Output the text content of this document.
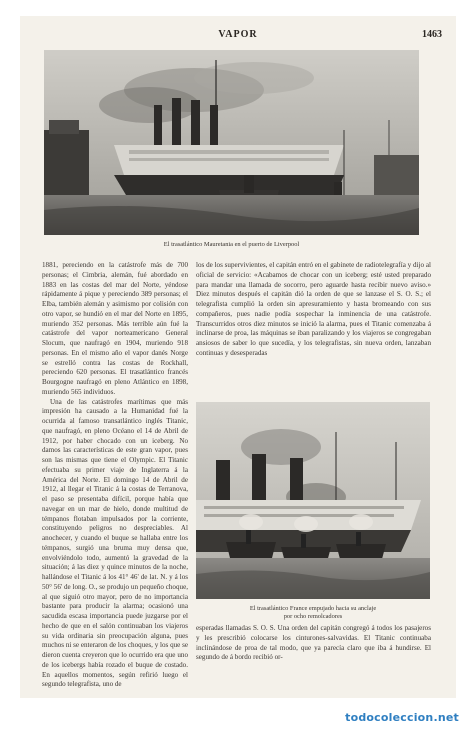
VAPOR	1463
El trasatlántico Mauretania en el puerto de Liverpool

1881, pereciendo en la catástrofe más de 700 personas; el Cimbria, alemán, fué abordado en 1883 en las costas del mar del Norte, yéndose rápidamente á pique y pereciendo 389 personas; el Elba, también alemán y asimismo por colisión con otro vapor, se hundió en el mar del Norte en 1895, muriendo 352 personas. Más terrible aún fué la catástrofe del vapor norteamericano General Slocum, que naufragó en 1904, muriendo 918 personas. En el mismo año el vapor danés Norge se estrelló contra las costas de Rockhall, pereciendo 620 personas. El trasatlántico francés Bourgogne naufragó en pleno Atlántico en 1898, muriendo 565 individuos.

Una de las catástrofes marítimas que más impresión ha causado a la Humanidad fué la ocurrida al famoso transatlántico inglés Titanic, que naufragó, en pleno Océano el 14 de Abril de 1912, por haber chocado con un iceberg. No damos las características de este gran vapor, pues son las mismas que tiene el Olympic. El Titanic efectuaba su primer viaje de Inglaterra á la América del Norte. El domingo 14 de Abril de 1912, al llegar el Titanic á la costas de Terranova, el paso se presentaba difícil, porque había que navegar en un mar de hielo, donde multitud de témpanos flotaban impulsados por la corriente, constituyendo peligros no despreciables. Al anochecer, y cuando el buque se hallaba entre los témpanos, surgió una bruma muy densa que, envolviéndolo todo, aumentó la gravedad de la situación; á las diez y quince minutos de la noche, hallándose el Titanic á los 41° 46' de lat. N. y á los 50° 56' de long. O., se produjo un pequeño choque, al que siguió otro mayor, pero de no importancia bastante para producir la alarma; ocasionó una sacudida escasa importancia puede juzgarse por el hecho de que en el salón continuaban los viajeros su vida ordinaria sin preocupación alguna, pues muchos ni se enteraron de los choques, y los que se dieron cuenta creyeron que lo ocurrido era que uno de los icebergs había rozado el buque de costado. En aquellos momentos, según refirió luego el segundo telegrafista, uno de

los de los supervivientes, el capitán entró en el gabinete de radiotelegrafía y dijo al oficial de servicio: «Acabamos de chocar con un iceberg; esté usted preparado para mandar una llamada de socorro, pero aguarde hasta recibir nuevo aviso.» Diez minutos después el capitán dió la orden de que se lanzase el S. O. S.; el telegrafista cumplió la orden sin apresuramiento y hasta bromeando con sus compañeros, pues nadie podía sospechar la inminencia de una catástrofe. Transcurridos otros diez minutos se inició la alarma, pues el Titanic comenzaba á inclinarse de proa, las máquinas se iban paralizando y los viajeros se congregaban ansiosos de saber lo que sucedía, y los telegrafistas, sin nueva orden, lanzaban continuas y desesperadas

El trasatlántico France empujado hacia su anclaje
por ocho remolcadores

esperadas llamadas S. O. S. Una orden del capitán congregó á todos los pasajeros y les prescribió colocarse los cinturones-salvavidas. El Titanic continuaba inclinándose de proa de tal modo, que ya parecía claro que iba á hundirse. El segundo de á bordo recibió or-

todocoleccion.net
